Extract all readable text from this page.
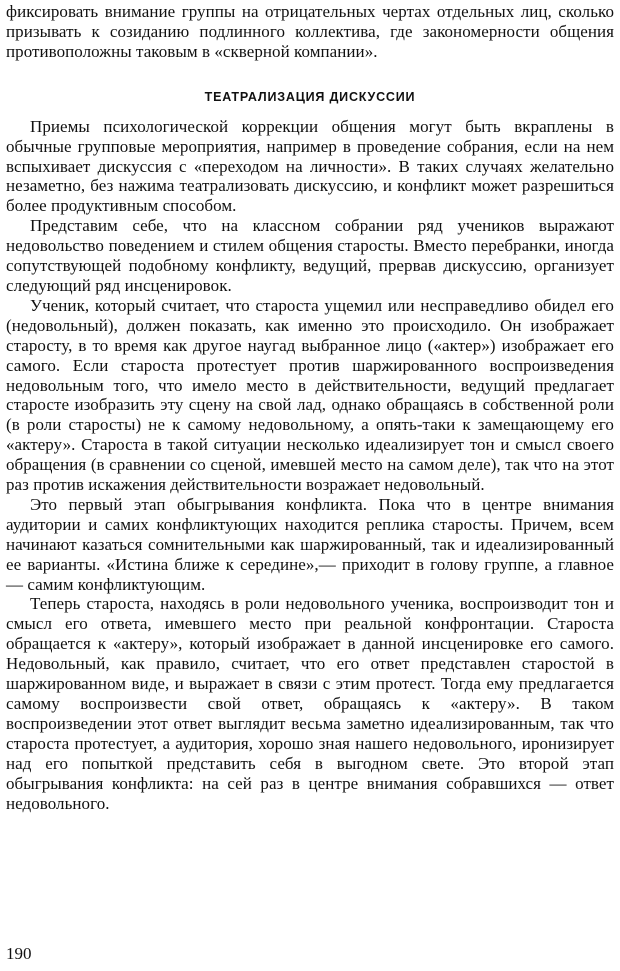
фиксировать внимание группы на отрицательных чертах отдельных лиц, сколько призывать к созиданию подлинного коллектива, где закономерности общения противоположны таковым в «скверной компании».

ТЕАТРАЛИЗАЦИЯ ДИСКУССИИ

Приемы психологической коррекции общения могут быть вкраплены в обычные групповые мероприятия, например в проведение собрания, если на нем вспыхивает дискуссия с «переходом на личности». В таких случаях желательно незаметно, без нажима театрализовать дискуссию, и конфликт может разрешиться более продуктивным способом.

Представим себе, что на классном собрании ряд учеников выражают недовольство поведением и стилем общения старосты. Вместо перебранки, иногда сопутствующей подобному конфликту, ведущий, прервав дискуссию, организует следующий ряд инсценировок.

Ученик, который считает, что староста ущемил или несправедливо обидел его (недовольный), должен показать, как именно это происходило. Он изображает старосту, в то время как другое наугад выбранное лицо («актер») изображает его самого. Если староста протестует против шаржированного воспроизведения недовольным того, что имело место в действительности, ведущий предлагает старосте изобразить эту сцену на свой лад, однако обращаясь в собственной роли (в роли старосты) не к самому недовольному, а опять-таки к замещающему его «актеру». Староста в такой ситуации несколько идеализирует тон и смысл своего обращения (в сравнении со сценой, имевшей место на самом деле), так что на этот раз против искажения действительности возражает недовольный.

Это первый этап обыгрывания конфликта. Пока что в центре внимания аудитории и самих конфликтующих находится реплика старосты. Причем, всем начинают казаться сомнительными как шаржированный, так и идеализированный ее варианты. «Истина ближе к середине»,— приходит в голову группе, а главное — самим конфликтующим.

Теперь староста, находясь в роли недовольного ученика, воспроизводит тон и смысл его ответа, имевшего место при реальной конфронтации. Староста обращается к «актеру», который изображает в данной инсценировке его самого. Недовольный, как правило, считает, что его ответ представлен старостой в шаржированном виде, и выражает в связи с этим протест. Тогда ему предлагается самому воспроизвести свой ответ, обращаясь к «актеру». В таком воспроизведении этот ответ выглядит весьма заметно идеализированным, так что староста протестует, а аудитория, хорошо зная нашего недовольного, иронизирует над его попыткой представить себя в выгодном свете. Это второй этап обыгрывания конфликта: на сей раз в центре внимания собравшихся — ответ недовольного.

190
